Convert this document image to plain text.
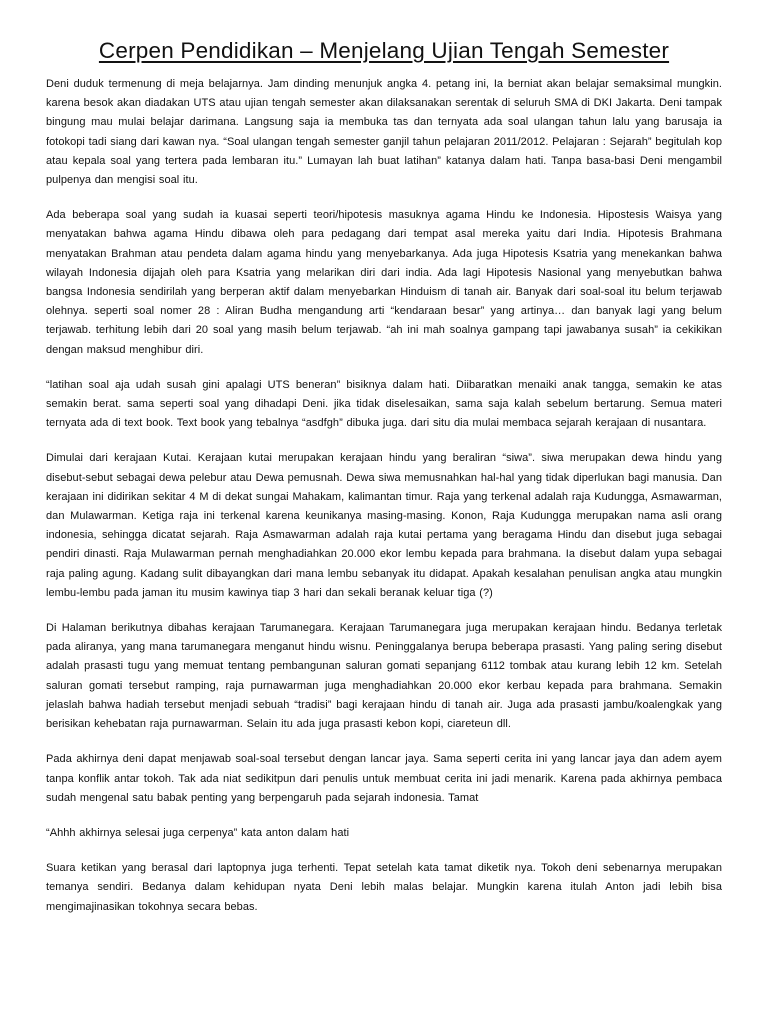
Cerpen Pendidikan – Menjelang Ujian Tengah Semester

Deni duduk termenung di meja belajarnya. Jam dinding menunjuk angka 4. petang ini, Ia berniat akan belajar semaksimal mungkin. karena besok akan diadakan UTS atau ujian tengah semester akan dilaksanakan serentak di seluruh SMA di DKI Jakarta. Deni tampak bingung mau mulai belajar darimana. Langsung saja ia membuka tas dan ternyata ada soal ulangan tahun lalu yang barusaja ia fotokopi tadi siang dari kawan nya. “Soal ulangan tengah semester ganjil tahun pelajaran 2011/2012. Pelajaran : Sejarah” begitulah kop atau kepala soal yang tertera pada lembaran itu.” Lumayan lah buat latihan” katanya dalam hati. Tanpa basa-basi Deni mengambil pulpenya dan mengisi soal itu.

Ada beberapa soal yang sudah ia kuasai seperti teori/hipotesis masuknya agama Hindu ke Indonesia. Hipostesis Waisya yang menyatakan bahwa agama Hindu dibawa oleh para pedagang dari tempat asal mereka yaitu dari India. Hipotesis Brahmana menyatakan Brahman atau pendeta dalam agama hindu yang menyebarkanya. Ada juga Hipotesis Ksatria yang menekankan bahwa wilayah Indonesia dijajah oleh para Ksatria yang melarikan diri dari india. Ada lagi Hipotesis Nasional yang menyebutkan bahwa bangsa Indonesia sendirilah yang berperan aktif dalam menyebarkan Hinduism di tanah air. Banyak dari soal-soal itu belum terjawab olehnya. seperti soal nomer 28 : Aliran Budha mengandung arti “kendaraan besar” yang artinya… dan banyak lagi yang belum terjawab. terhitung lebih dari 20 soal yang masih belum terjawab. “ah ini mah soalnya gampang tapi jawabanya susah” ia cekikikan dengan maksud menghibur diri.

“latihan soal aja udah susah gini apalagi UTS beneran” bisiknya dalam hati. Diibaratkan menaiki anak tangga, semakin ke atas semakin berat. sama seperti soal yang dihadapi Deni. jika tidak diselesaikan, sama saja kalah sebelum bertarung. Semua materi ternyata ada di text book. Text book yang tebalnya “asdfgh” dibuka juga. dari situ dia mulai membaca sejarah kerajaan di nusantara.

Dimulai dari kerajaan Kutai. Kerajaan kutai merupakan kerajaan hindu yang beraliran “siwa”. siwa merupakan dewa hindu yang disebut-sebut sebagai dewa pelebur atau Dewa pemusnah. Dewa siwa memusnahkan hal-hal yang tidak diperlukan bagi manusia. Dan kerajaan ini didirikan sekitar 4 M di dekat sungai Mahakam, kalimantan timur. Raja yang terkenal adalah raja Kudungga, Asmawarman, dan Mulawarman. Ketiga raja ini terkenal karena keunikanya masing-masing. Konon, Raja Kudungga merupakan nama asli orang indonesia, sehingga dicatat sejarah. Raja Asmawarman adalah raja kutai pertama yang beragama Hindu dan disebut juga sebagai pendiri dinasti. Raja Mulawarman pernah menghadiahkan 20.000 ekor lembu kepada para brahmana. Ia disebut dalam yupa sebagai raja paling agung. Kadang sulit dibayangkan dari mana lembu sebanyak itu didapat. Apakah kesalahan penulisan angka atau mungkin lembu-lembu pada jaman itu musim kawinya tiap 3 hari dan sekali beranak keluar tiga (?)

Di Halaman berikutnya dibahas kerajaan Tarumanegara. Kerajaan Tarumanegara juga merupakan kerajaan hindu. Bedanya terletak pada aliranya, yang mana tarumanegara menganut hindu wisnu. Peninggalanya berupa beberapa prasasti. Yang paling sering disebut adalah prasasti tugu yang memuat tentang pembangunan saluran gomati sepanjang 6112 tombak atau kurang lebih 12 km. Setelah saluran gomati tersebut ramping, raja purnawarman juga menghadiahkan 20.000 ekor kerbau kepada para brahmana. Semakin jelaslah bahwa hadiah tersebut menjadi sebuah “tradisi” bagi kerajaan hindu di tanah air. Juga ada prasasti jambu/koalengkak yang berisikan kehebatan raja purnawarman. Selain itu ada juga prasasti kebon kopi, ciareteun dll.

Pada akhirnya deni dapat menjawab soal-soal tersebut dengan lancar jaya. Sama seperti cerita ini yang lancar jaya dan adem ayem tanpa konflik antar tokoh. Tak ada niat sedikitpun dari penulis untuk membuat cerita ini jadi menarik. Karena pada akhirnya pembaca sudah mengenal satu babak penting yang berpengaruh pada sejarah indonesia. Tamat

“Ahhh akhirnya selesai juga cerpenya” kata anton dalam hati

Suara ketikan yang berasal dari laptopnya juga terhenti. Tepat setelah kata tamat diketik nya. Tokoh deni sebenarnya merupakan temanya sendiri. Bedanya dalam kehidupan nyata Deni lebih malas belajar. Mungkin karena itulah Anton jadi lebih bisa mengimajinasikan tokohnya secara bebas.
